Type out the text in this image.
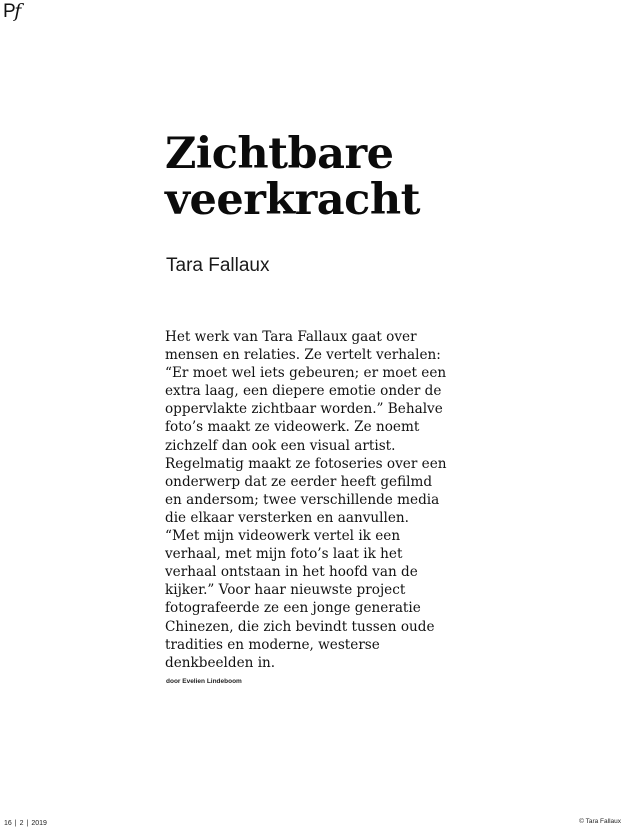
Pf
Zichtbare
veerkracht
Tara Fallaux
Het werk van Tara Fallaux gaat over
mensen en relaties. Ze vertelt verhalen:
“Er moet wel iets gebeuren; er moet een
extra laag, een diepere emotie onder de
oppervlakte zichtbaar worden.” Behalve
foto’s maakt ze videowerk. Ze noemt
zichzelf dan ook een visual artist.
Regelmatig maakt ze fotoseries over een
onderwerp dat ze eerder heeft gefilmd
en andersom; twee verschillende media
die elkaar versterken en aanvullen.
“Met mijn videowerk vertel ik een
verhaal, met mijn foto’s laat ik het
verhaal ontstaan in het hoofd van de
kijker.” Voor haar nieuwste project
fotografeerde ze een jonge generatie
Chinezen, die zich bevindt tussen oude
tradities en moderne, westerse
denkbeelden in.
door Evelien Lindeboom
16 | 2 | 2019	© Tara Fallaux
